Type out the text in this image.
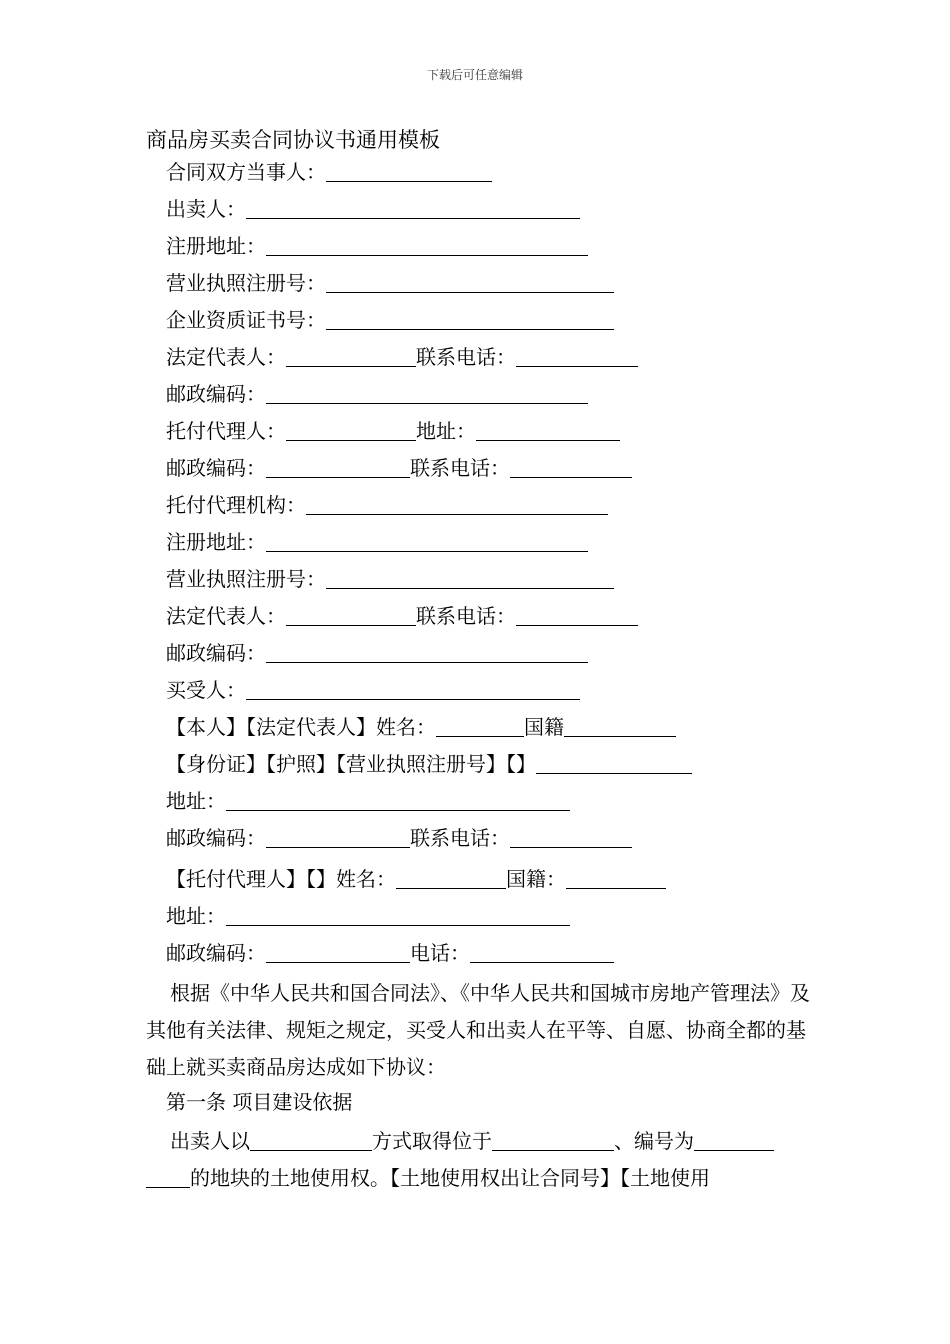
下载后可任意编辑
商品房买卖合同协议书通用模板
合同双方当事人：
出卖人：
注册地址：
营业执照注册号：
企业资质证书号：
法定代表人：	联系电话：
邮政编码：
托付代理人：	地址：
邮政编码：	联系电话：
托付代理机构：
注册地址：
营业执照注册号：
法定代表人：	联系电话：
邮政编码：
买受人：
【本人】【法定代表人】姓名：	国籍
【身份证】【护照】【营业执照注册号】【】
地址：
邮政编码：	联系电话：
【托付代理人】【】姓名：	国籍：
地址：
邮政编码：	电话：
根据《中华人民共和国合同法》、《中华人民共和国城市房地产管理法》及其他有关法律、规矩之规定，买受人和出卖人在平等、自愿、协商全都的基础上就买卖商品房达成如下协议：
第一条 项目建设依据
出卖人以	方式取得位于	、编号为的地块的土地使用权。【土地使用权出让合同号】【土地使用
